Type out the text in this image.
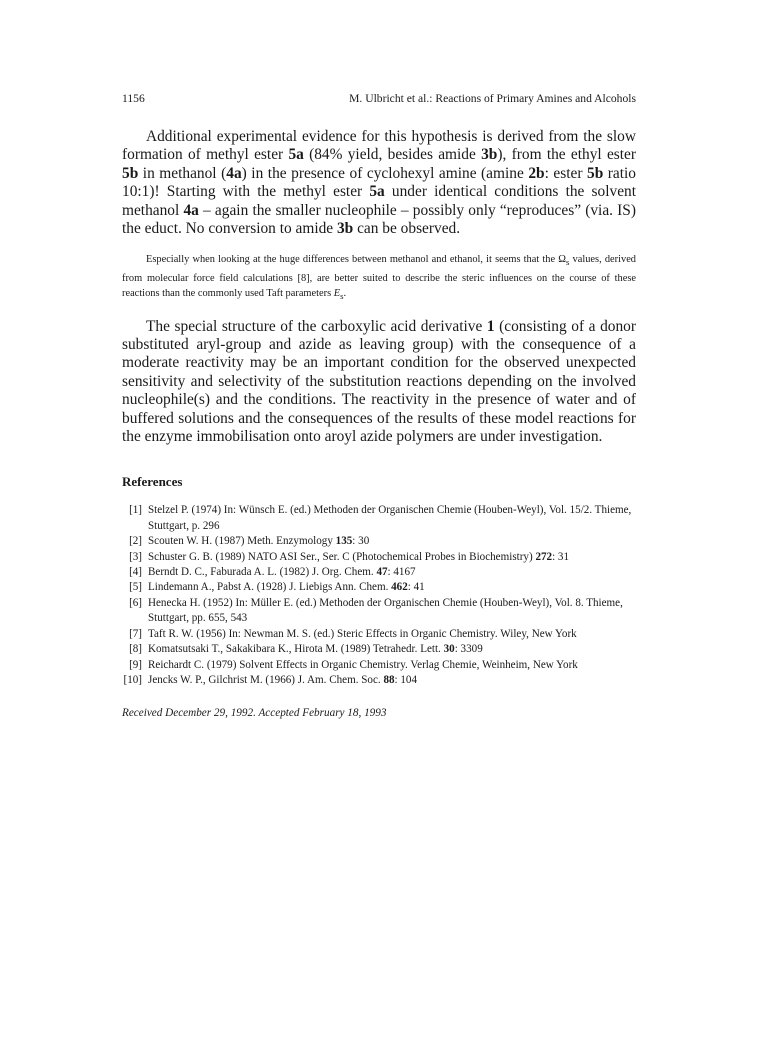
1156	M. Ulbricht et al.: Reactions of Primary Amines and Alcohols

Additional experimental evidence for this hypothesis is derived from the slow formation of methyl ester 5a (84% yield, besides amide 3b), from the ethyl ester 5b in methanol (4a) in the presence of cyclohexyl amine (amine 2b: ester 5b ratio 10:1)! Starting with the methyl ester 5a under identical conditions the solvent methanol 4a – again the smaller nucleophile – possibly only “reproduces” (via. IS) the educt. No conversion to amide 3b can be observed.

Especially when looking at the huge differences between methanol and ethanol, it seems that the $\Omega_s$ values, derived from molecular force field calculations [8], are better suited to describe the steric influences on the course of these reactions than the commonly used Taft parameters $E_s$.

The special structure of the carboxylic acid derivative 1 (consisting of a donor substituted aryl-group and azide as leaving group) with the consequence of a moderate reactivity may be an important condition for the observed unexpected sensitivity and selectivity of the substitution reactions depending on the involved nucleophile(s) and the conditions. The reactivity in the presence of water and of buffered solutions and the consequences of the results of these model reactions for the enzyme immobilisation onto aroyl azide polymers are under investigation.

References
[1] Stelzel P. (1974) In: Wünsch E. (ed.) Methoden der Organischen Chemie (Houben-Weyl), Vol. 15/2. Thieme, Stuttgart, p. 296
[2] Scouten W. H. (1987) Meth. Enzymology 135: 30
[3] Schuster G. B. (1989) NATO ASI Ser., Ser. C (Photochemical Probes in Biochemistry) 272: 31
[4] Berndt D. C., Faburada A. L. (1982) J. Org. Chem. 47: 4167
[5] Lindemann A., Pabst A. (1928) J. Liebigs Ann. Chem. 462: 41
[6] Henecka H. (1952) In: Müller E. (ed.) Methoden der Organischen Chemie (Houben-Weyl), Vol. 8. Thieme, Stuttgart, pp. 655, 543
[7] Taft R. W. (1956) In: Newman M. S. (ed.) Steric Effects in Organic Chemistry. Wiley, New York
[8] Komatsutsaki T., Sakakibara K., Hirota M. (1989) Tetrahedr. Lett. 30: 3309
[9] Reichardt C. (1979) Solvent Effects in Organic Chemistry. Verlag Chemie, Weinheim, New York
[10] Jencks W. P., Gilchrist M. (1966) J. Am. Chem. Soc. 88: 104
Received December 29, 1992. Accepted February 18, 1993
